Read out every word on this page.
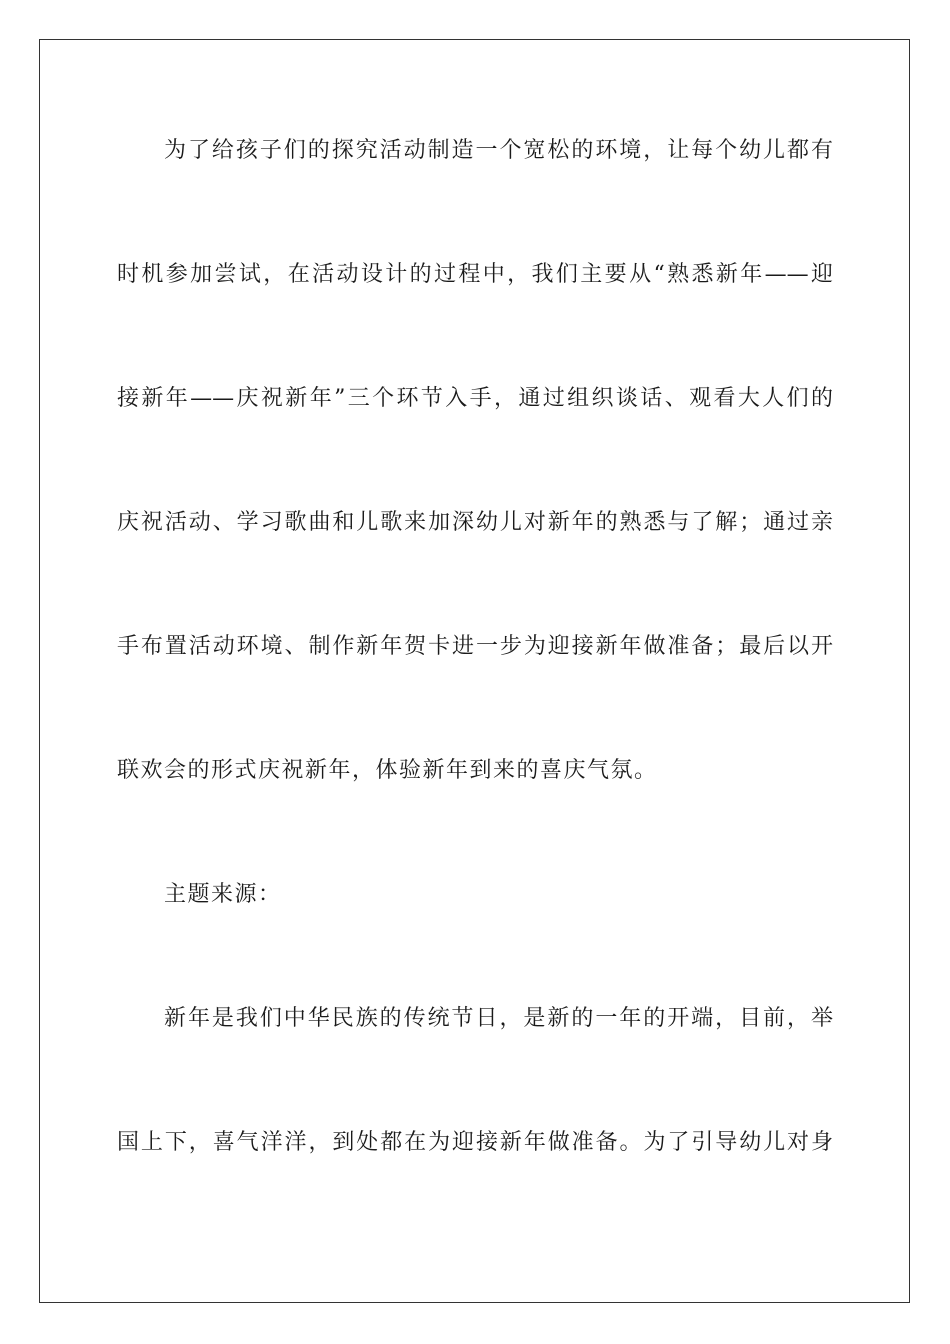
为了给孩子们的探究活动制造一个宽松的环境，让每个幼儿都有
时机参加尝试，在活动设计的过程中，我们主要从“熟悉新年——迎
接新年——庆祝新年”三个环节入手，通过组织谈话、观看大人们的
庆祝活动、学习歌曲和儿歌来加深幼儿对新年的熟悉与了解；通过亲
手布置活动环境、制作新年贺卡进一步为迎接新年做准备；最后以开
联欢会的形式庆祝新年，体验新年到来的喜庆气氛。
主题来源：
新年是我们中华民族的传统节日，是新的一年的开端，目前，举
国上下，喜气洋洋，到处都在为迎接新年做准备。为了引导幼儿对身
